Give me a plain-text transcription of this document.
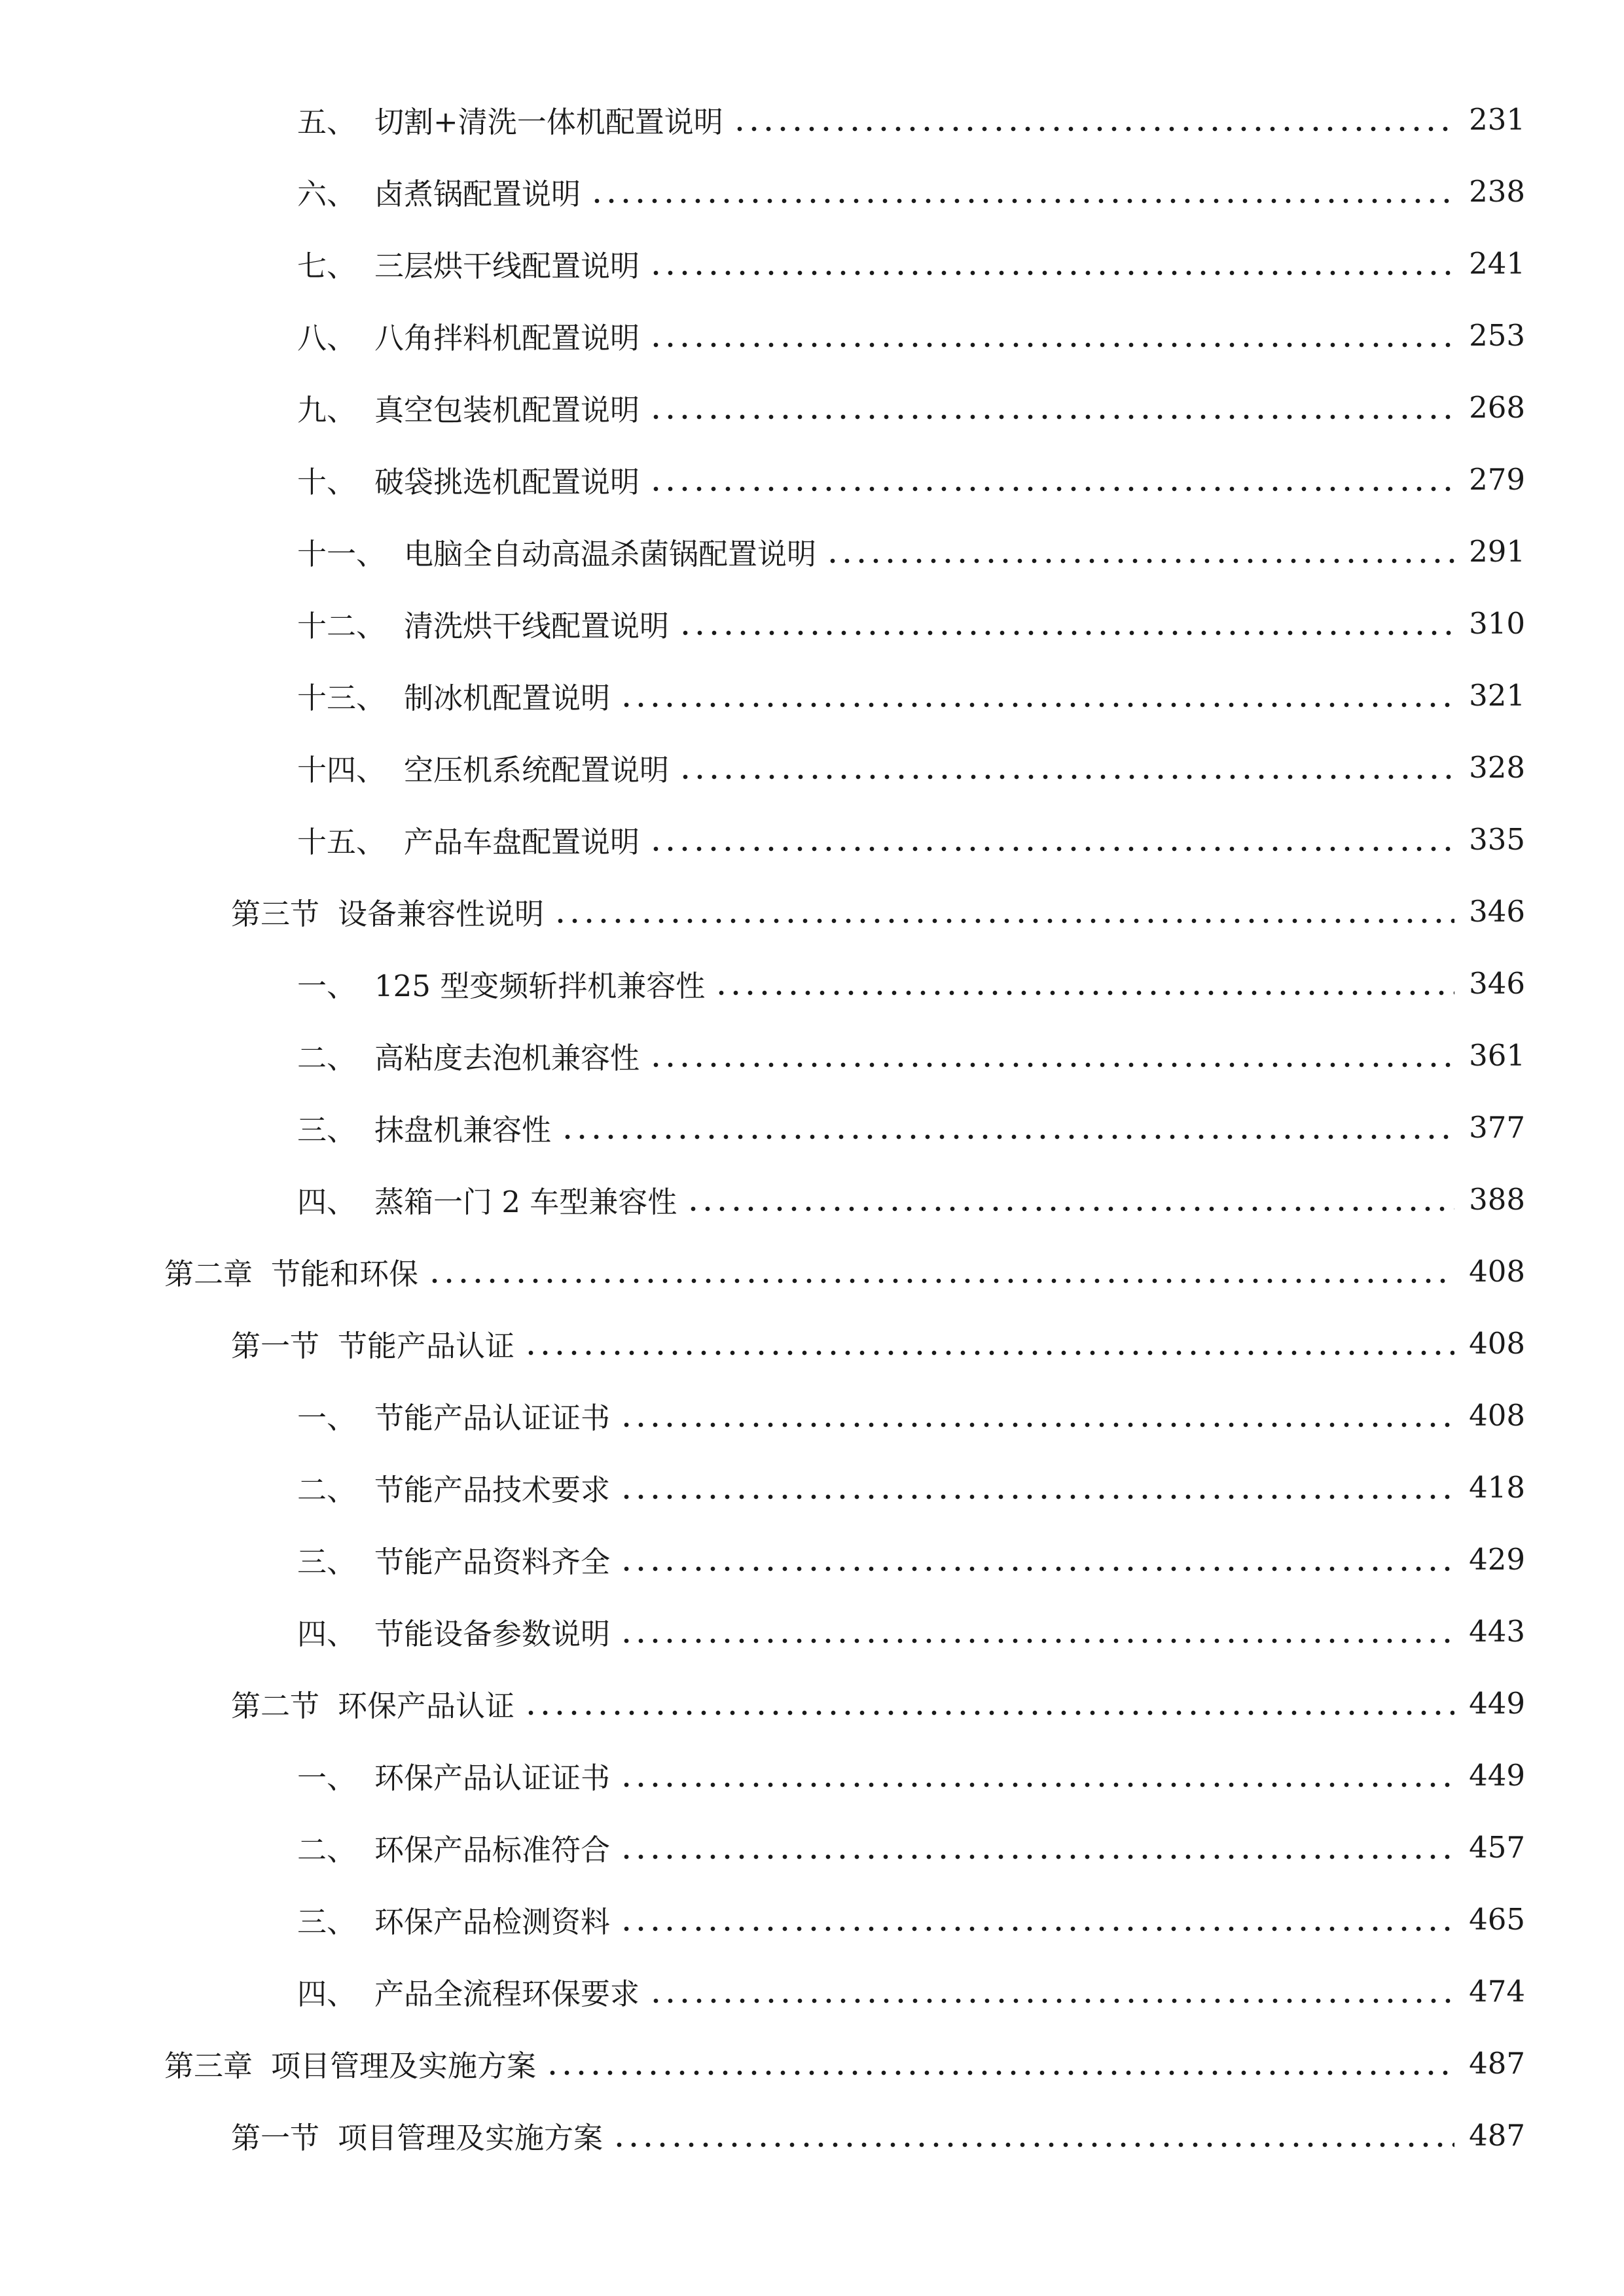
五、 切割+清洗一体机配置说明	231
六、 卤煮锅配置说明	238
七、 三层烘干线配置说明	241
八、 八角拌料机配置说明	253
九、 真空包装机配置说明	268
十、 破袋挑选机配置说明	279
十一、 电脑全自动高温杀菌锅配置说明	291
十二、 清洗烘干线配置说明	310
十三、 制冰机配置说明	321
十四、 空压机系统配置说明	328
十五、 产品车盘配置说明	335
第三节 设备兼容性说明	346
一、 125 型变频斩拌机兼容性	346
二、 高粘度去泡机兼容性	361
三、 抹盘机兼容性	377
四、 蒸箱一门 2 车型兼容性	388
第二章 节能和环保	408
第一节 节能产品认证	408
一、 节能产品认证证书	408
二、 节能产品技术要求	418
三、 节能产品资料齐全	429
四、 节能设备参数说明	443
第二节 环保产品认证	449
一、 环保产品认证证书	449
二、 环保产品标准符合	457
三、 环保产品检测资料	465
四、 产品全流程环保要求	474
第三章 项目管理及实施方案	487
第一节 项目管理及实施方案	487
